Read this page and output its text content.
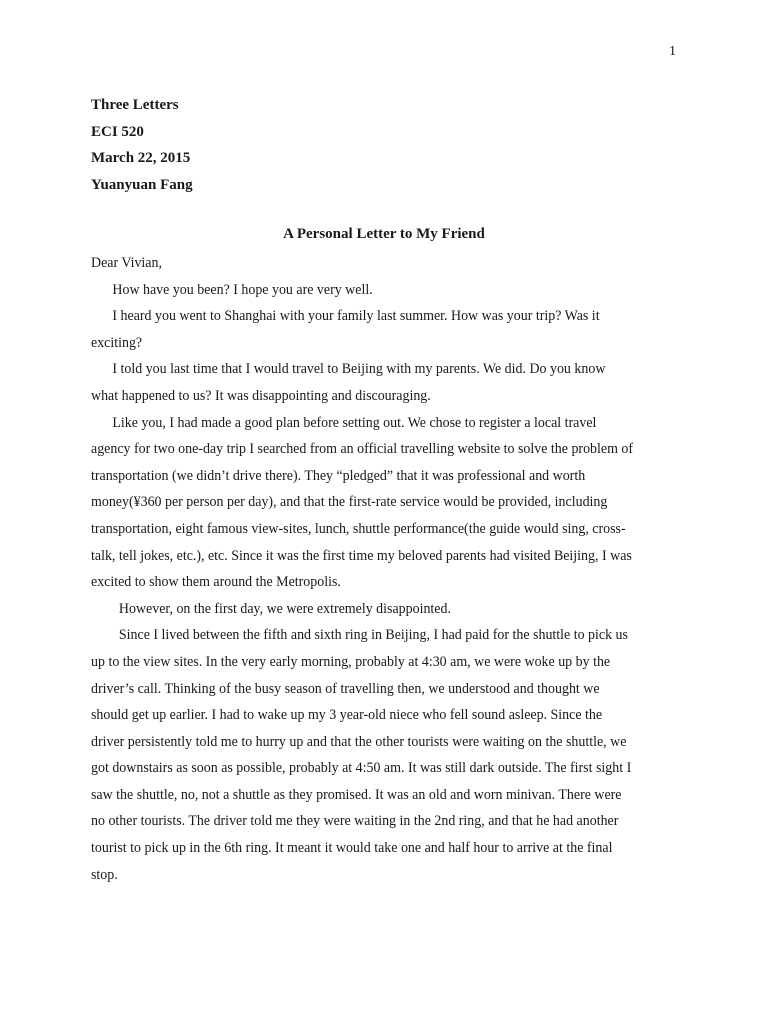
1
Three Letters
ECI 520
March 22, 2015
Yuanyuan Fang
A Personal Letter to My Friend

Dear Vivian,

How have you been? I hope you are very well.

I heard you went to Shanghai with your family last summer. How was your trip? Was it

exciting?

I told you last time that I would travel to Beijing with my parents. We did. Do you know

what happened to us? It was disappointing and discouraging.

Like you, I had made a good plan before setting out. We chose to register a local travel

agency for two one-day trip I searched from an official travelling website to solve the problem of

transportation (we didn’t drive there). They “pledged” that it was professional and worth

money(¥360 per person per day), and that the first-rate service would be provided, including

transportation, eight famous view-sites, lunch, shuttle performance(the guide would sing, cross-

talk, tell jokes, etc.), etc. Since it was the first time my beloved parents had visited Beijing, I was

excited to show them around the Metropolis.

However, on the first day, we were extremely disappointed.

Since I lived between the fifth and sixth ring in Beijing, I had paid for the shuttle to pick us

up to the view sites. In the very early morning, probably at 4:30 am, we were woke up by the

driver’s call. Thinking of the busy season of travelling then, we understood and thought we

should get up earlier. I had to wake up my 3 year-old niece who fell sound asleep. Since the

driver persistently told me to hurry up and that the other tourists were waiting on the shuttle, we

got downstairs as soon as possible, probably at 4:50 am. It was still dark outside. The first sight I

saw the shuttle, no, not a shuttle as they promised. It was an old and worn minivan. There were

no other tourists. The driver told me they were waiting in the 2nd ring, and that he had another

tourist to pick up in the 6th ring. It meant it would take one and half hour to arrive at the final

stop.
